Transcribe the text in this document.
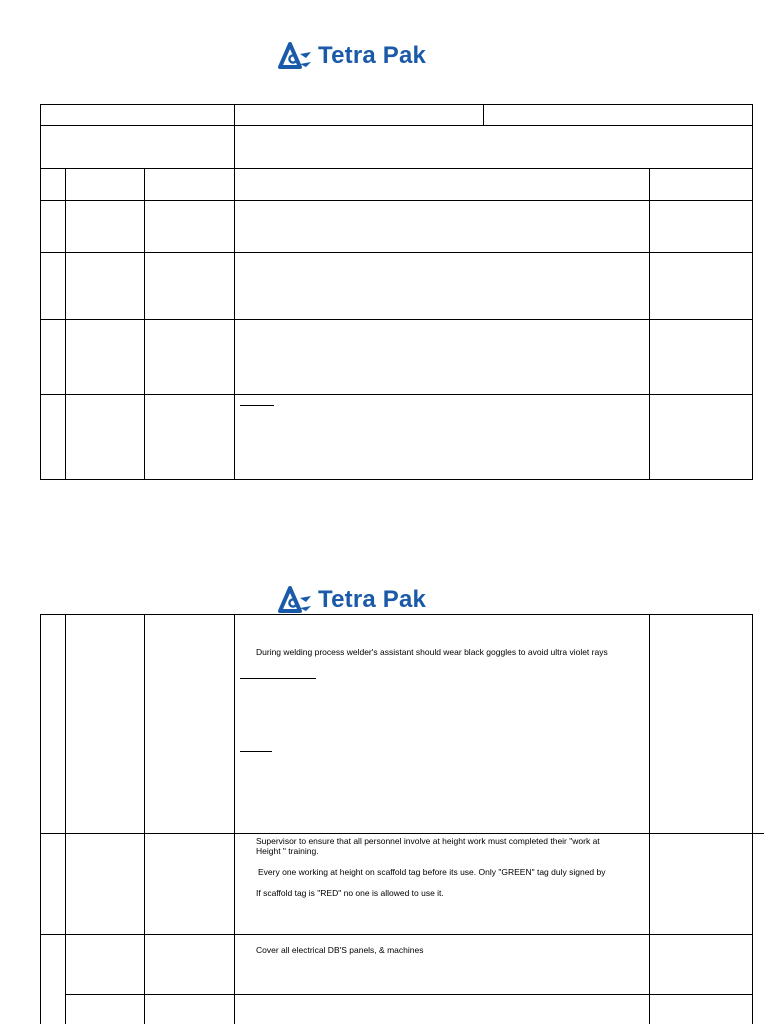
Tetra Pak
Tetra Pak
During welding process welder's assistant should wear black goggles to avoid ultra violet rays
Supervisor to ensure that all personnel involve at height work must completed their "work at
Height " training.
Every one working at height on scaffold tag before its use. Only "GREEN" tag duly signed by
If scaffold tag is "RED" no one is allowed to use it.
Cover all electrical DB'S panels, & machines
